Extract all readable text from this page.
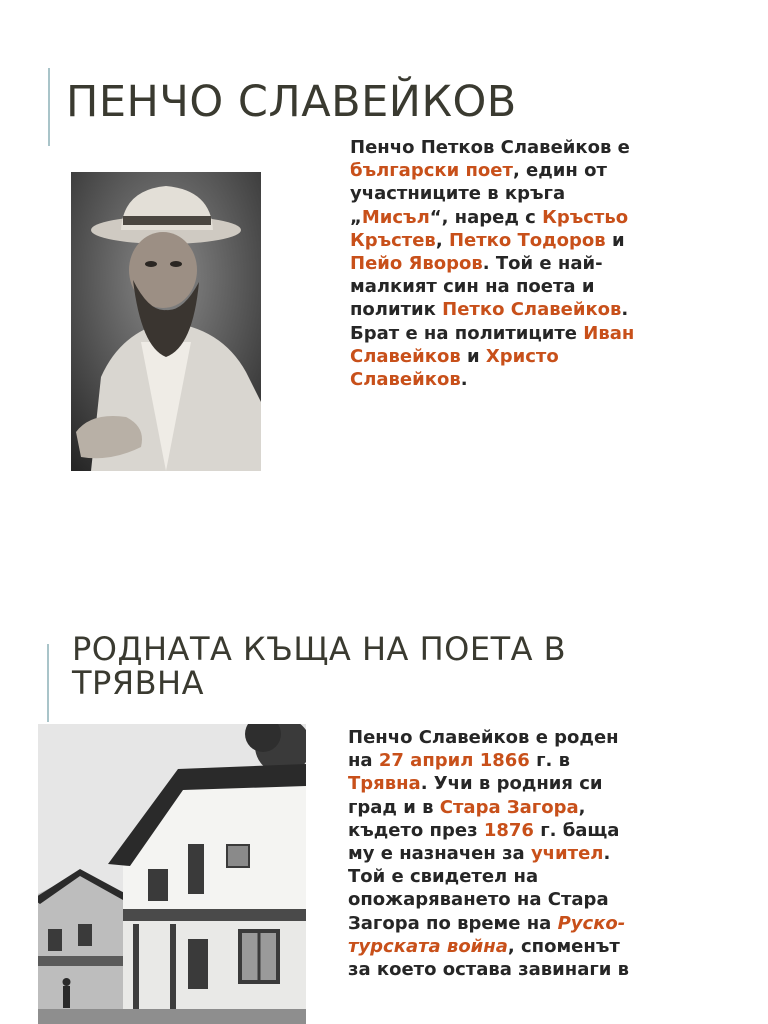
ПЕНЧО СЛАВЕЙКОВ

Пенчо Петков Славейков е български поет, един от участниците в кръга „Мисъл“, наред с Кръстьо Кръстев, Петко Тодоров и Пейо Яворов. Той е най-малкият син на поета и политик Петко Славейков. Брат е на политиците Иван Славейков и Христо Славейков.

РОДНАТА КЪЩА НА ПОЕТА В ТРЯВНА

Пенчо Славейков е роден на 27 април 1866 г. в Трявна. Учи в родния си град и в Стара Загора, където през 1876 г. баща му е назначен за учител. Той е свидетел на опожаряването на Стара Загора по време на Руско-турската война, споменът за което остава завинаги в
